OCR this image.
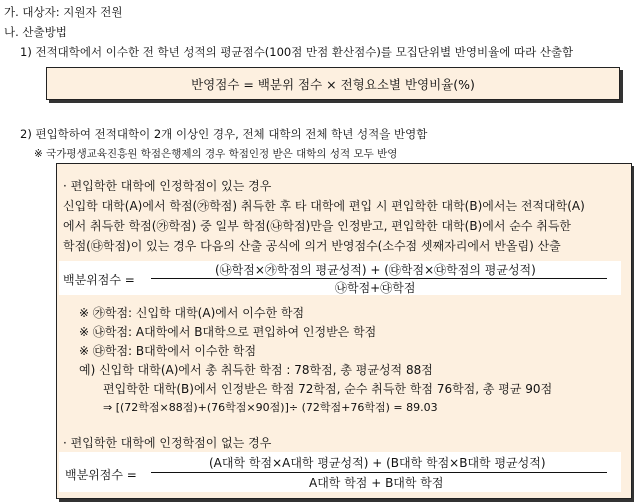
가. 대상자: 지원자 전원
나. 산출방법
1) 전적대학에서 이수한 전 학년 성적의 평균점수(100점 만점 환산점수)를 모집단위별 반영비율에 따라 산출함
반영점수 = 백분위 점수 × 전형요소별 반영비율(%)
2) 편입학하여 전적대학이 2개 이상인 경우, 전체 대학의 전체 학년 성적을 반영함
※ 국가평생교육진흥원 학점은행제의 경우 학점인정 받은 대학의 성적 모두 반영
· 편입학한 대학에 인정학점이 있는 경우
신입학 대학(A)에서 학점(㉮학점) 취득한 후 타 대학에 편입 시 편입학한 대학(B)에서는 전적대학(A)
에서 취득한 학점(㉮학점) 중 일부 학점(㉯학점)만을 인정받고, 편입학한 대학(B)에서 순수 취득한
학점(㉰학점)이 있는 경우 다음의 산출 공식에 의거 반영점수(소수점 셋째자리에서 반올림) 산출
백분위점수 =
(㉯학점×㉮학점의 평균성적) + (㉰학점×㉰학점의 평균성적)
㉯학점+㉰학점
※ ㉮학점: 신입학 대학(A)에서 이수한 학점
※ ㉯학점: A대학에서 B대학으로 편입하여 인정받은 학점
※ ㉰학점: B대학에서 이수한 학점
예) 신입학 대학(A)에서 총 취득한 학점 : 78학점, 총 평균성적 88점
편입학한 대학(B)에서 인정받은 학점 72학점, 순수 취득한 학점 76학점, 총 평균 90점
⇒ [(72학점×88점)+(76학점×90점)]÷ (72학점+76학점) = 89.03
· 편입학한 대학에 인정학점이 없는 경우
백분위점수 =
(A대학 학점×A대학 평균성적) + (B대학 학점×B대학 평균성적)
A대학 학점 + B대학 학점
